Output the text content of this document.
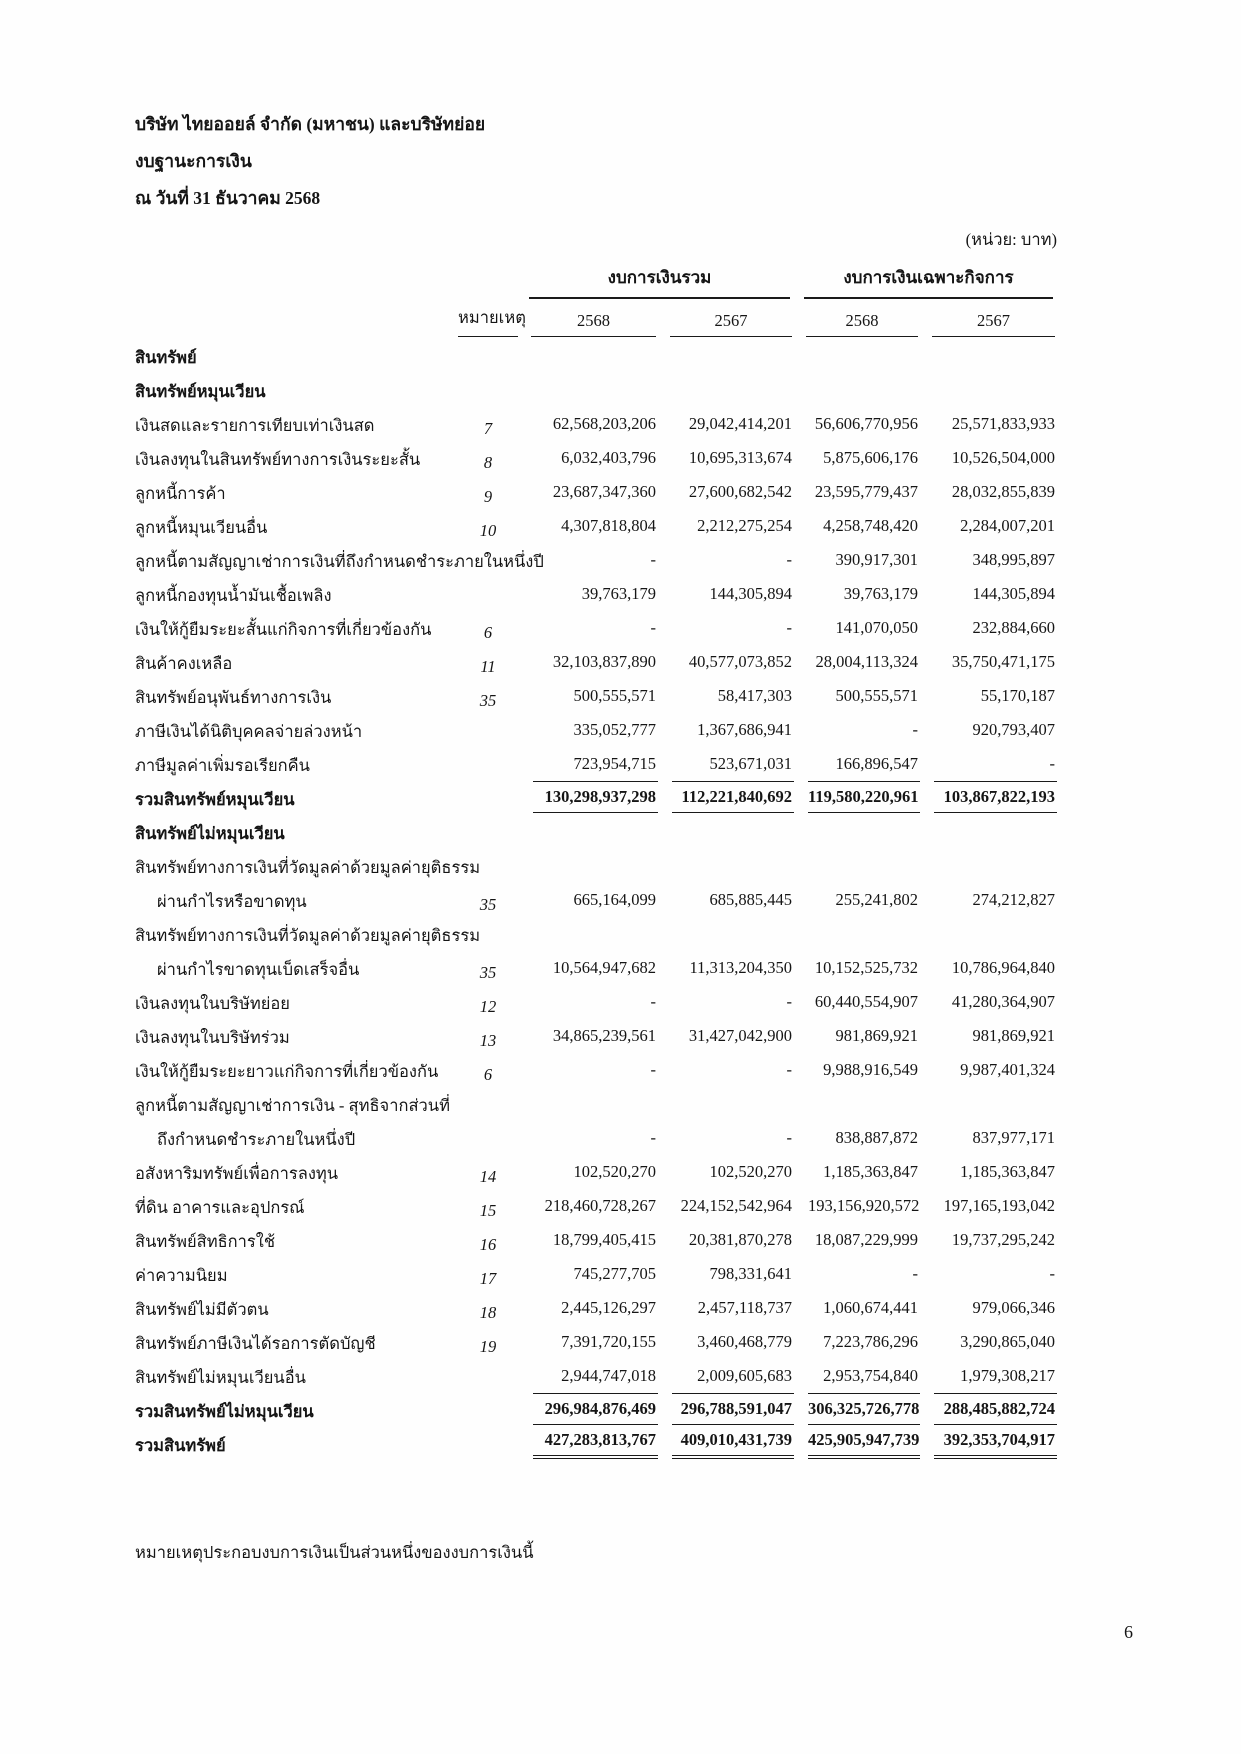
บริษัท ไทยออยล์ จำกัด (มหาชน) และบริษัทย่อย
งบฐานะการเงิน
ณ วันที่ 31 ธันวาคม 2568
(หน่วย: บาท)

		งบการเงินรวม		งบการเงินเฉพาะกิจการ	

	หมายเหตุ	2568	2567	2568	2567

สินทรัพย์					

สินทรัพย์หมุนเวียน					

เงินสดและรายการเทียบเท่าเงินสด	7	62,568,203,206	29,042,414,201	56,606,770,956	25,571,833,933

เงินลงทุนในสินทรัพย์ทางการเงินระยะสั้น	8	6,032,403,796	10,695,313,674	5,875,606,176	10,526,504,000

ลูกหนี้การค้า	9	23,687,347,360	27,600,682,542	23,595,779,437	28,032,855,839

ลูกหนี้หมุนเวียนอื่น	10	4,307,818,804	2,212,275,254	4,258,748,420	2,284,007,201

ลูกหนี้ตามสัญญาเช่าการเงินที่ถึงกำหนดชำระภายในหนึ่งปี		-	-	390,917,301	348,995,897

ลูกหนี้กองทุนน้ำมันเชื้อเพลิง		39,763,179	144,305,894	39,763,179	144,305,894

เงินให้กู้ยืมระยะสั้นแก่กิจการที่เกี่ยวข้องกัน	6	-	-	141,070,050	232,884,660

สินค้าคงเหลือ	11	32,103,837,890	40,577,073,852	28,004,113,324	35,750,471,175

สินทรัพย์อนุพันธ์ทางการเงิน	35	500,555,571	58,417,303	500,555,571	55,170,187

ภาษีเงินได้นิติบุคคลจ่ายล่วงหน้า		335,052,777	1,367,686,941	-	920,793,407

ภาษีมูลค่าเพิ่มรอเรียกคืน		723,954,715	523,671,031	166,896,547	-

รวมสินทรัพย์หมุนเวียน		130,298,937,298	112,221,840,692	119,580,220,961	103,867,822,193

สินทรัพย์ไม่หมุนเวียน					

สินทรัพย์ทางการเงินที่วัดมูลค่าด้วยมูลค่ายุติธรรม					

ผ่านกำไรหรือขาดทุน	35	665,164,099	685,885,445	255,241,802	274,212,827

สินทรัพย์ทางการเงินที่วัดมูลค่าด้วยมูลค่ายุติธรรม					

ผ่านกำไรขาดทุนเบ็ดเสร็จอื่น	35	10,564,947,682	11,313,204,350	10,152,525,732	10,786,964,840

เงินลงทุนในบริษัทย่อย	12	-	-	60,440,554,907	41,280,364,907

เงินลงทุนในบริษัทร่วม	13	34,865,239,561	31,427,042,900	981,869,921	981,869,921

เงินให้กู้ยืมระยะยาวแก่กิจการที่เกี่ยวข้องกัน	6	-	-	9,988,916,549	9,987,401,324

ลูกหนี้ตามสัญญาเช่าการเงิน - สุทธิจากส่วนที่					

ถึงกำหนดชำระภายในหนึ่งปี		-	-	838,887,872	837,977,171

อสังหาริมทรัพย์เพื่อการลงทุน	14	102,520,270	102,520,270	1,185,363,847	1,185,363,847

ที่ดิน อาคารและอุปกรณ์	15	218,460,728,267	224,152,542,964	193,156,920,572	197,165,193,042

สินทรัพย์สิทธิการใช้	16	18,799,405,415	20,381,870,278	18,087,229,999	19,737,295,242

ค่าความนิยม	17	745,277,705	798,331,641	-	-

สินทรัพย์ไม่มีตัวตน	18	2,445,126,297	2,457,118,737	1,060,674,441	979,066,346

สินทรัพย์ภาษีเงินได้รอการตัดบัญชี	19	7,391,720,155	3,460,468,779	7,223,786,296	3,290,865,040

สินทรัพย์ไม่หมุนเวียนอื่น		2,944,747,018	2,009,605,683	2,953,754,840	1,979,308,217

รวมสินทรัพย์ไม่หมุนเวียน		296,984,876,469	296,788,591,047	306,325,726,778	288,485,882,724

รวมสินทรัพย์		427,283,813,767	409,010,431,739	425,905,947,739	392,353,704,917
หมายเหตุประกอบงบการเงินเป็นส่วนหนึ่งของงบการเงินนี้
6
